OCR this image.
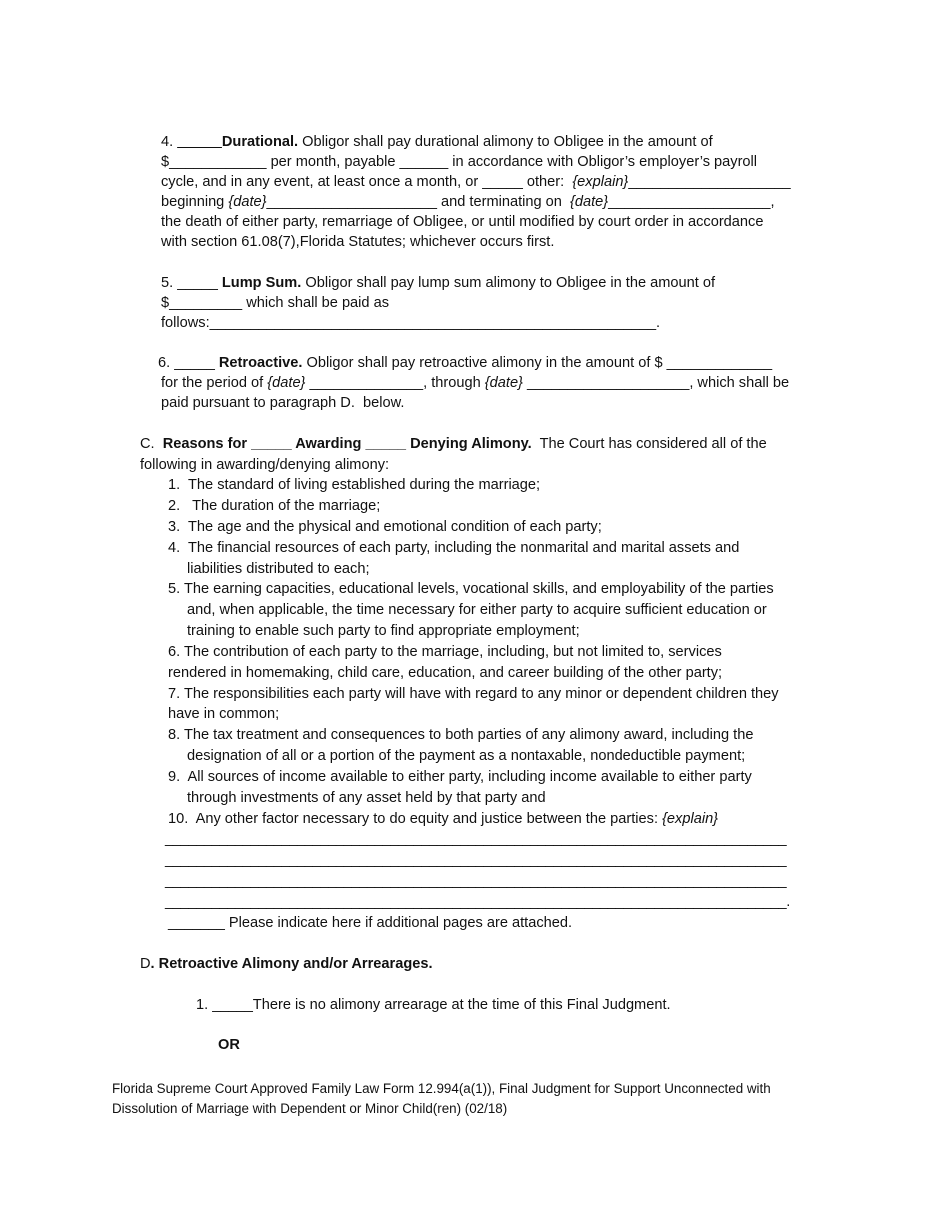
4. __ ___Durational. Obligor shall pay durational alimony to Obligee in the amount of
$____________ per month, payable ______ in accordance with Obligor’s employer’s payroll
cycle, and in any event, at least once a month, or _____ other:  {explain}____________________
beginning {date}_____________________ and terminating on  {date}____________________,
the death of either party, remarriage of Obligee, or until modified by court order in accordance
with section 61.08(7),Florida Statutes; whichever occurs first.
5. _____ Lump Sum. Obligor shall pay lump sum alimony to Obligee in the amount of
$_________ which shall be paid as
follows:_______________________________________________________.
6. _____ Retroactive. Obligor shall pay retroactive alimony in the amount of $ _____________
for the period of {date} ______________, through {date} ____________________, which shall be
paid pursuant to paragraph D.  below.
C.  Reasons for _____ Awarding _____ Denying Alimony.  The Court has considered all of the
following in awarding/denying alimony:
1.  The standard of living established during the marriage;
2.   The duration of the marriage;
3.  The age and the physical and emotional condition of each party;
4.  The financial resources of each party, including the nonmarital and marital assets and
liabilities distributed to each;
5. The earning capacities, educational levels, vocational skills, and employability of the parties
and, when applicable, the time necessary for either party to acquire sufficient education or
training to enable such party to find appropriate employment;
6. The contribution of each party to the marriage, including, but not limited to, services
rendered in homemaking, child care, education, and career building of the other party;
7. The responsibilities each party will have with regard to any minor or dependent children they
have in common;
8. The tax treatment and consequences to both parties of any alimony award, including the
designation of all or a portion of the payment as a nontaxable, nondeductible payment;
9.  All sources of income available to either party, including income available to either party
through investments of any asset held by that party and
10.  Any other factor necessary to do equity and justice between the parties: {explain}
________________________________________________________________________________
________________________________________________________________________________
________________________________________________________________________________
________________________________________________________________________________.
_______ Please indicate here if additional pages are attached.
D. Retroactive Alimony and/or Arrearages.
1. _____There is no alimony arrearage at the time of this Final Judgment.
OR
Florida Supreme Court Approved Family Law Form 12.994(a(1)), Final Judgment for Support Unconnected with
Dissolution of Marriage with Dependent or Minor Child(ren) (02/18)
